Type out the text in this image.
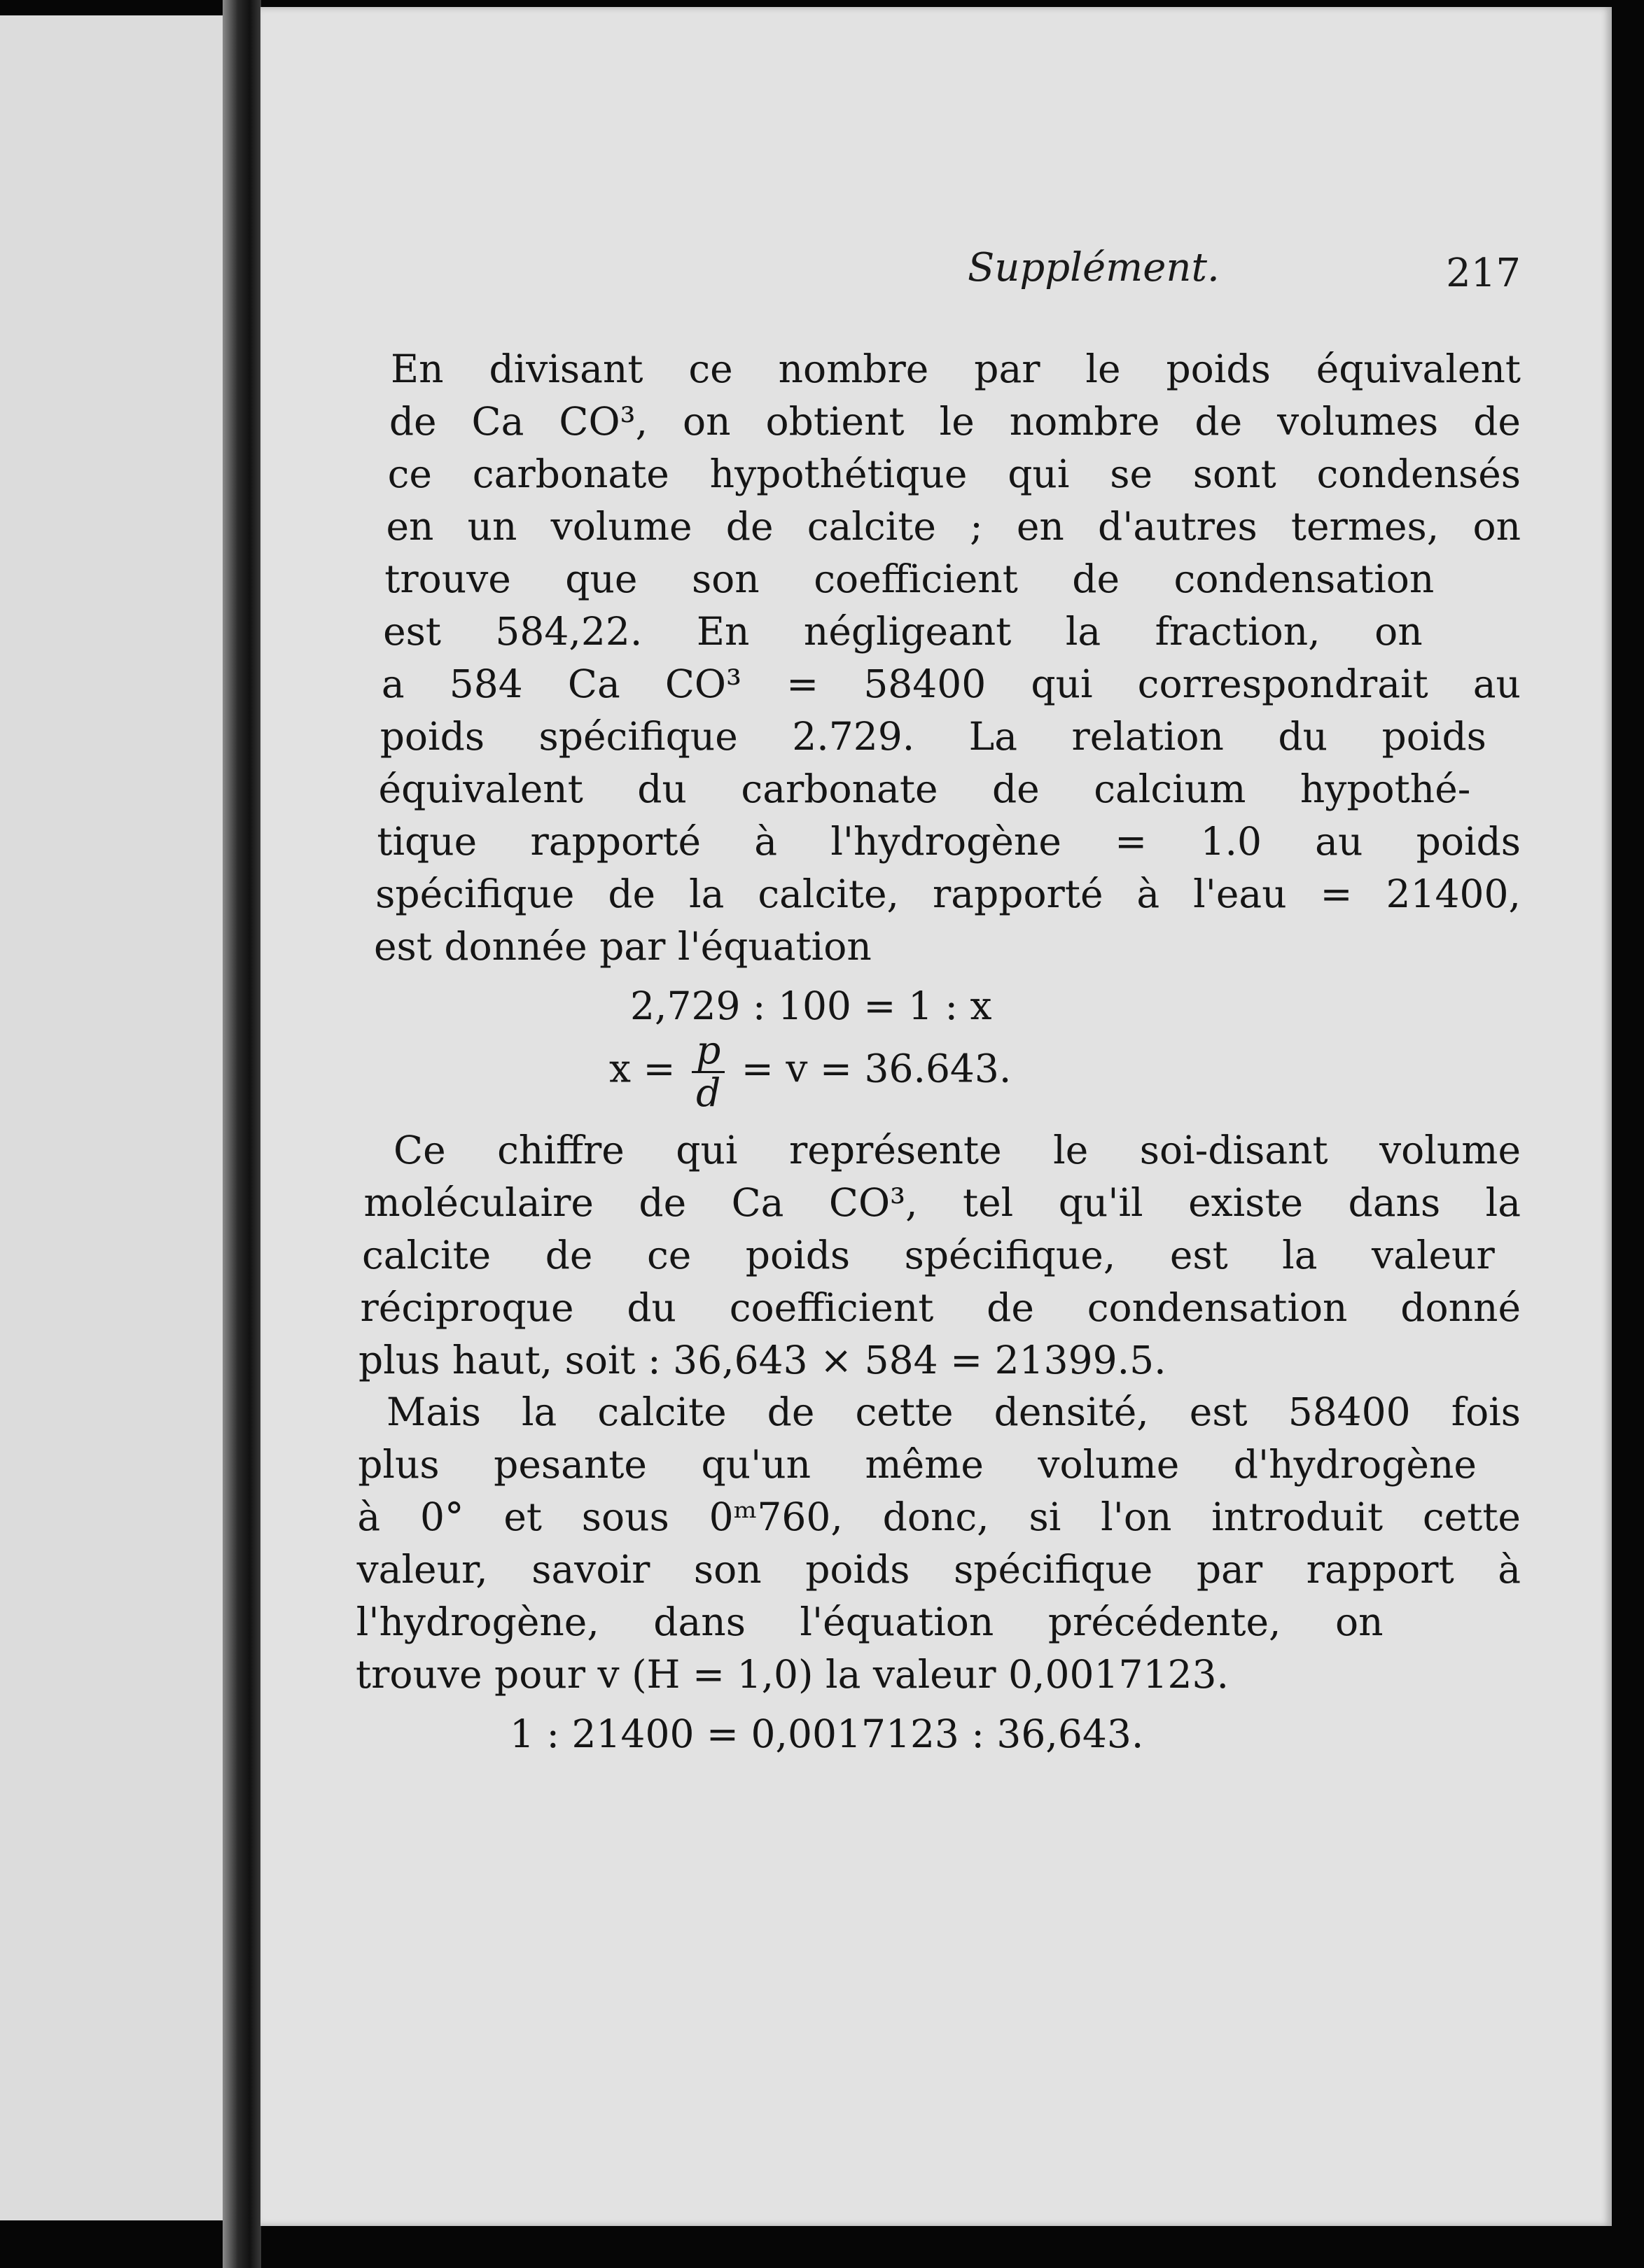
Supplément.	217
En divisant ce nombre par le poids équivalent
de Ca CO³, on obtient le nombre de volumes de
ce carbonate hypothétique qui se sont condensés
en un volume de calcite ; en d'autres termes, on
trouve que son coefficient de condensation
est 584,22. En négligeant la fraction, on
a 584 Ca CO³ = 58400 qui correspondrait au
poids spécifique 2.729. La relation du poids
équivalent du carbonate de calcium hypothé-
tique rapporté à l'hydrogène = 1.0 au poids
spécifique de la calcite, rapporté à l'eau = 21400,
est donnée par l'équation
Ce chiffre qui représente le soi-disant volume
moléculaire de Ca CO³, tel qu'il existe dans la
calcite de ce poids spécifique, est la valeur
réciproque du coefficient de condensation donné
plus haut, soit : 36,643 × 584 = 21399.5.
Mais la calcite de cette densité, est 58400 fois
plus pesante qu'un même volume d'hydrogène
à 0° et sous 0ᵐ760, donc, si l'on introduit cette
valeur, savoir son poids spécifique par rapport à
l'hydrogène, dans l'équation précédente, on
trouve pour v (H = 1,0) la valeur 0,0017123.
2,729 : 100 = 1 : x
$x = \frac{p}{d} = v = 36.643$.
1 : 21400 = 0,0017123 : 36,643.
